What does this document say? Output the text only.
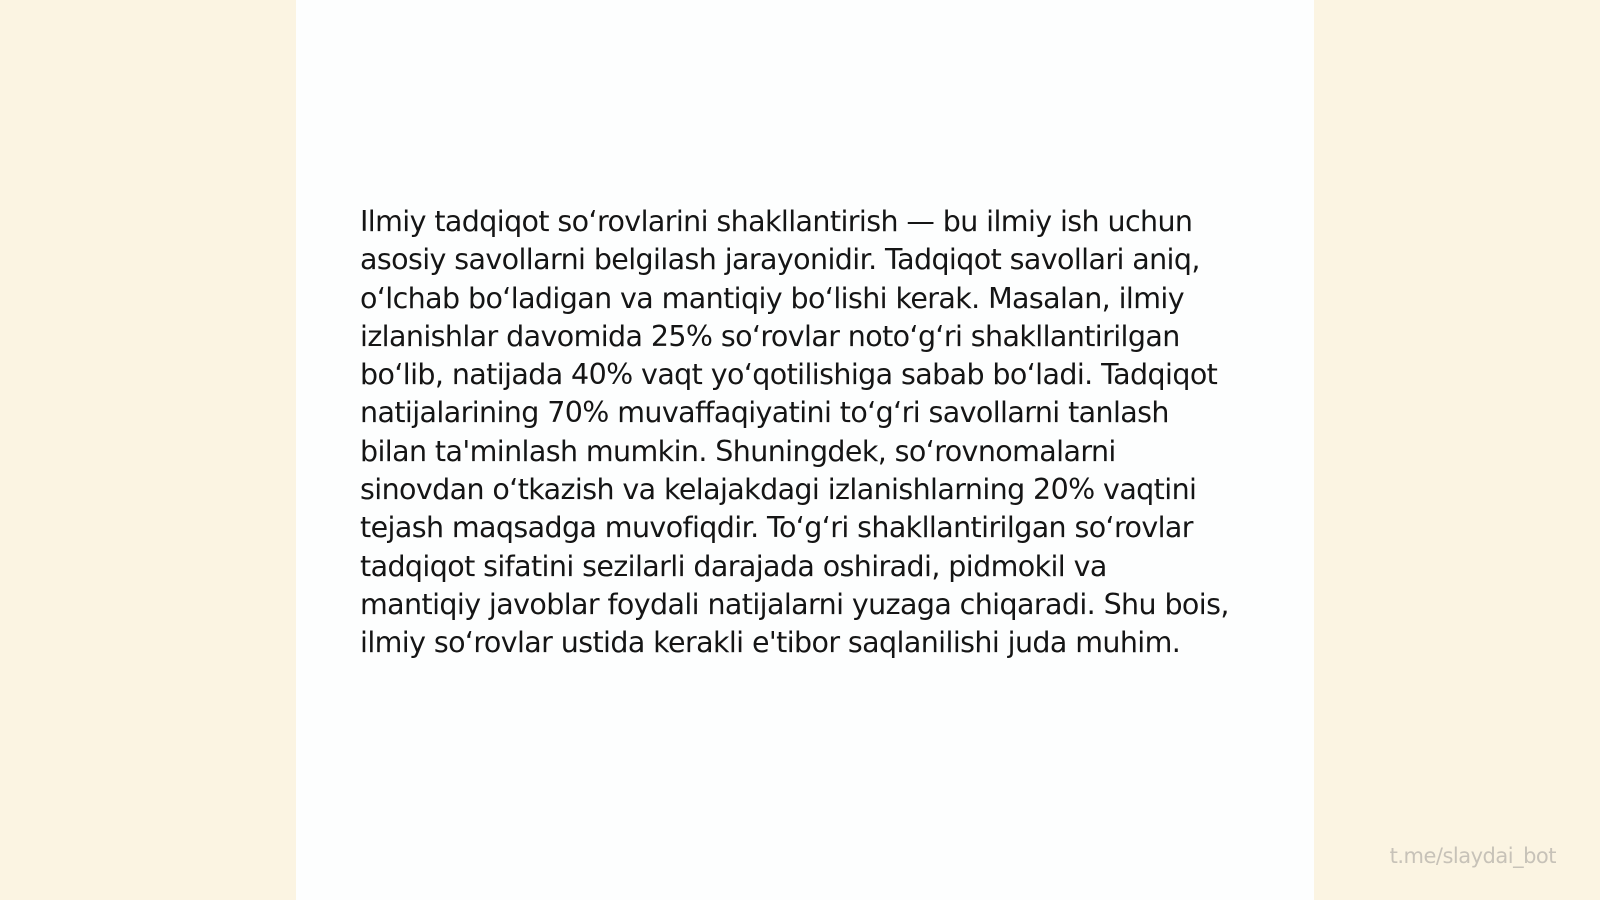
Ilmiy tadqiqot so‘rovlarini shakllantirish — bu ilmiy ish uchun asosiy savollarni belgilash jarayonidir. Tadqiqot savollari aniq, o‘lchab bo‘ladigan va mantiqiy bo‘lishi kerak. Masalan, ilmiy izlanishlar davomida 25% so‘rovlar noto‘g‘ri shakllantirilgan bo‘lib, natijada 40% vaqt yo‘qotilishiga sabab bo‘ladi. Tadqiqot natijalarining 70% muvaffaqiyatini to‘g‘ri savollarni tanlash bilan ta'minlash mumkin. Shuningdek, so‘rovnomalarni sinovdan o‘tkazish va kelajakdagi izlanishlarning 20% vaqtini tejash maqsadga muvofiqdir. To‘g‘ri shakllantirilgan so‘rovlar tadqiqot sifatini sezilarli darajada oshiradi, pidmokil va mantiqiy javoblar foydali natijalarni yuzaga chiqaradi. Shu bois, ilmiy so‘rovlar ustida kerakli e'tibor saqlanilishi juda muhim.

t.me/slaydai_bot
